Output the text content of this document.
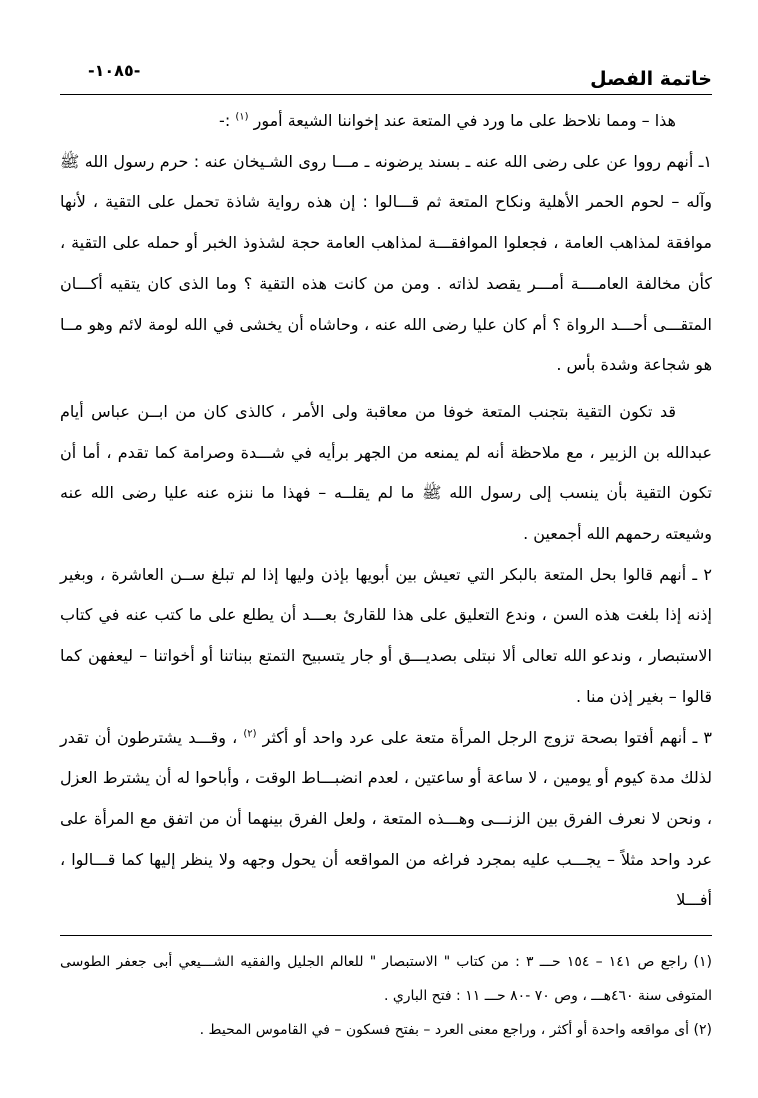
خاتمة الفصل
-١٠٨٥-

هذا – ومما نلاحظ على ما ورد في المتعة عند إخواننا الشيعة أمور $^{(١)}$ :-

١ـ أنهم رووا عن على رضى الله عنه ـ بسند يرضونه ـ مـــا روى الشـيخان عنه : حرم رسول الله ﷺ وآله – لحوم الحمر الأهلية ونكاح المتعة ثم قـــالوا : إن هذه رواية شاذة تحمل على التقية ، لأنها موافقة لمذاهب العامة ، فجعلوا الموافقـــة لمذاهب العامة حجة لشذوذ الخبر أو حمله على التقية ، كأن مخالفة العامــــة أمـــر يقصد لذاته . ومن من كانت هذه التقية ؟ وما الذى كان يتقيه أكـــان المتقـــى أحـــد الرواة ؟ أم كان عليا رضى الله عنه ، وحاشاه أن يخشى في الله لومة لائم وهو مــا هو شجاعة وشدة بأس .

قد تكون التقية بتجنب المتعة خوفا من معاقبة ولى الأمر ، كالذى كان من ابــن عباس أيام عبدالله بن الزبير ، مع ملاحظة أنه لم يمنعه من الجهر برأيه في شـــدة وصرامة كما تقدم ، أما أن تكون التقية بأن ينسب إلى رسول الله ﷺ ما لم يقلــه – فهذا ما ننزه عنه عليا رضى الله عنه وشيعته رحمهم الله أجمعين .

٢ ـ أنهم قالوا بحل المتعة بالبكر التي تعيش بين أبويها بإذن وليها إذا لم تبلغ ســن العاشرة ، وبغير إذنه إذا بلغت هذه السن ، وندع التعليق على هذا للقارئ بعـــد أن يطلع على ما كتب عنه في كتاب الاستبصار ، وندعو الله تعالى ألا نبتلى بصديـــق أو جار يتسبيح التمتع ببناتنا أو أخواتنا – ليعفهن كما قالوا – بغير إذن منا .

٣ ـ أنهم أفتوا بصحة تزوج الرجل المرأة متعة على عرد واحد أو أكثر $^{(٢)}$ ، وقـــد يشترطون أن تقدر لذلك مدة كيوم أو يومين ، لا ساعة أو ساعتين ، لعدم انضبـــاط الوقت ، وأباحوا له أن يشترط العزل ، ونحن لا نعرف الفرق بين الزنـــى وهـــذه المتعة ، ولعل الفرق بينهما أن من اتفق مع المرأة على عرد واحد مثلاً – يجـــب عليه بمجرد فراغه من المواقعه أن يحول وجهه ولا ينظر إليها كما قـــالوا ، أفـــلا

(١) راجع ص ١٤١ – ١٥٤ حـــ ٣ : من كتاب " الاستبصار " للعالم الجليل والفقيه الشـــيعي أبى جعفر الطوسى المتوفى سنة ٤٦٠هـــ ، وص ٧٠ -٨٠ حـــ ١١ : فتح الباري .

(٢) أى مواقعه واحدة أو أكثر ، وراجع معنى العرد – بفتح فسكون – في القاموس المحيط .
